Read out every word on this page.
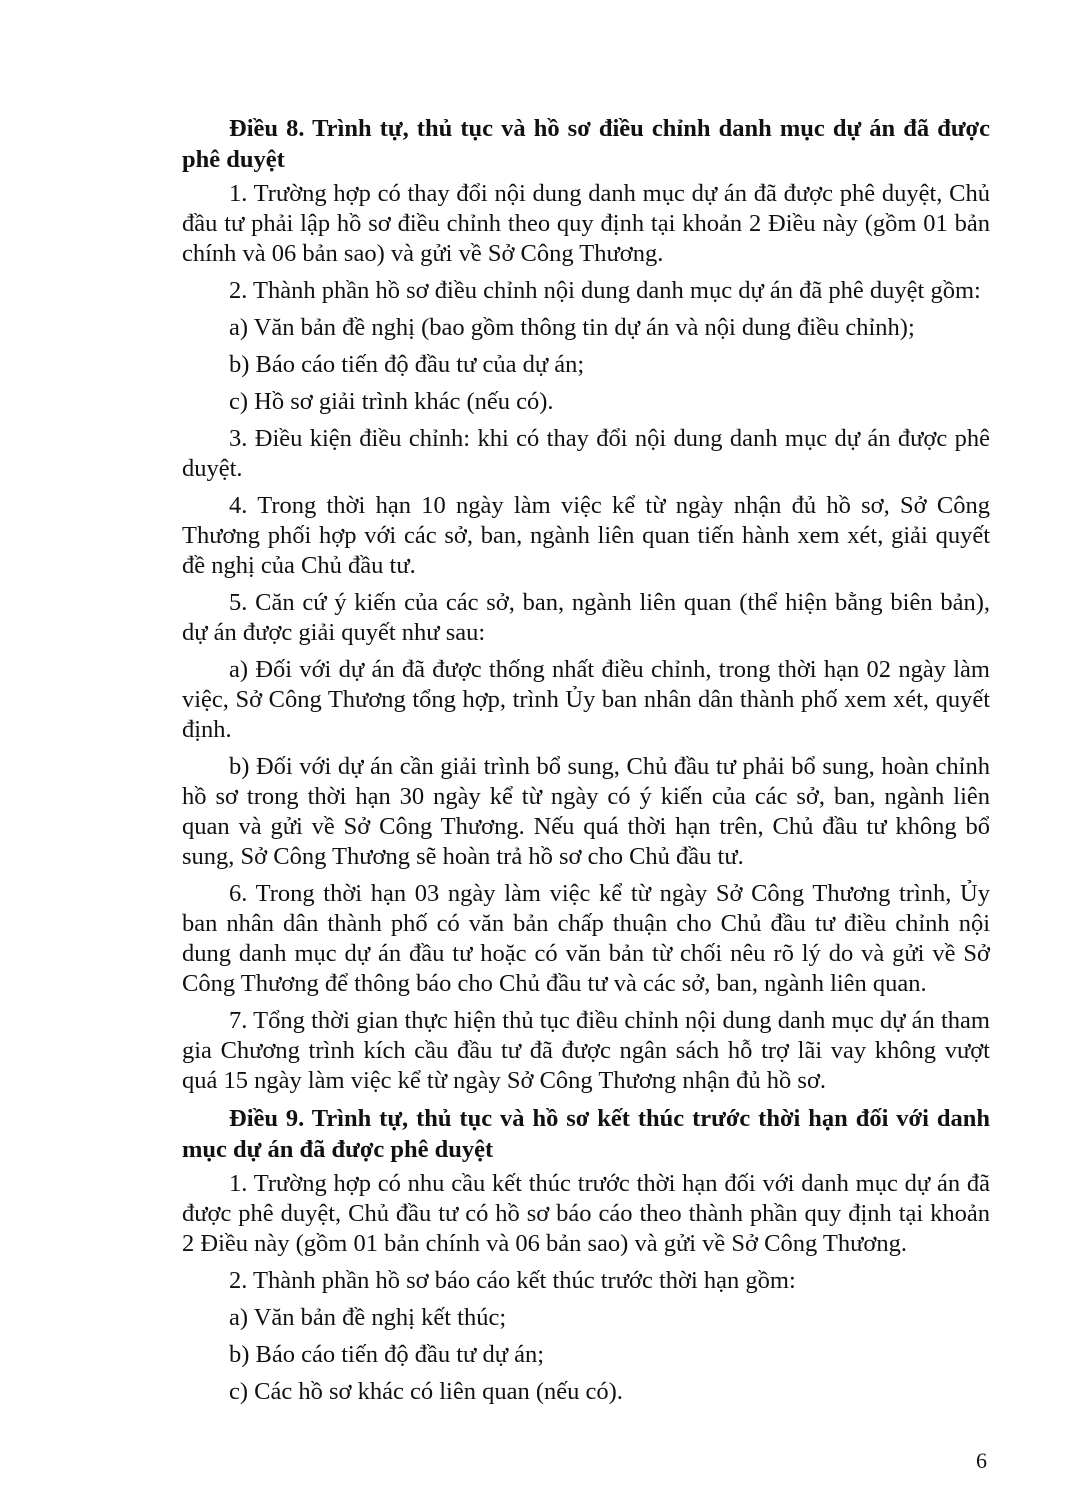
Điều 8. Trình tự, thủ tục và hồ sơ điều chỉnh danh mục dự án đã được phê duyệt

1. Trường hợp có thay đổi nội dung danh mục dự án đã được phê duyệt, Chủ đầu tư phải lập hồ sơ điều chỉnh theo quy định tại khoản 2 Điều này (gồm 01 bản chính và 06 bản sao) và gửi về Sở Công Thương.

2. Thành phần hồ sơ điều chỉnh nội dung danh mục dự án đã phê duyệt gồm:

a) Văn bản đề nghị (bao gồm thông tin dự án và nội dung điều chỉnh);

b) Báo cáo tiến độ đầu tư của dự án;

c) Hồ sơ giải trình khác (nếu có).

3. Điều kiện điều chỉnh: khi có thay đổi nội dung danh mục dự án được phê duyệt.

4. Trong thời hạn 10 ngày làm việc kể từ ngày nhận đủ hồ sơ, Sở Công Thương phối hợp với các sở, ban, ngành liên quan tiến hành xem xét, giải quyết đề nghị của Chủ đầu tư.

5. Căn cứ ý kiến của các sở, ban, ngành liên quan (thể hiện bằng biên bản), dự án được giải quyết như sau:

a) Đối với dự án đã được thống nhất điều chỉnh, trong thời hạn 02 ngày làm việc, Sở Công Thương tổng hợp, trình Ủy ban nhân dân thành phố xem xét, quyết định.

b) Đối với dự án cần giải trình bổ sung, Chủ đầu tư phải bổ sung, hoàn chỉnh hồ sơ trong thời hạn 30 ngày kể từ ngày có ý kiến của các sở, ban, ngành liên quan và gửi về Sở Công Thương. Nếu quá thời hạn trên, Chủ đầu tư không bổ sung, Sở Công Thương sẽ hoàn trả hồ sơ cho Chủ đầu tư.

6. Trong thời hạn 03 ngày làm việc kể từ ngày Sở Công Thương trình, Ủy ban nhân dân thành phố có văn bản chấp thuận cho Chủ đầu tư điều chỉnh nội dung danh mục dự án đầu tư hoặc có văn bản từ chối nêu rõ lý do và gửi về Sở Công Thương để thông báo cho Chủ đầu tư và các sở, ban, ngành liên quan.

7. Tổng thời gian thực hiện thủ tục điều chỉnh nội dung danh mục dự án tham gia Chương trình kích cầu đầu tư đã được ngân sách hỗ trợ lãi vay không vượt quá 15 ngày làm việc kể từ ngày Sở Công Thương nhận đủ hồ sơ.

Điều 9. Trình tự, thủ tục và hồ sơ kết thúc trước thời hạn đối với danh mục dự án đã được phê duyệt

1. Trường hợp có nhu cầu kết thúc trước thời hạn đối với danh mục dự án đã được phê duyệt, Chủ đầu tư có hồ sơ báo cáo theo thành phần quy định tại khoản 2 Điều này (gồm 01 bản chính và 06 bản sao) và gửi về Sở Công Thương.

2. Thành phần hồ sơ báo cáo kết thúc trước thời hạn gồm:

a) Văn bản đề nghị kết thúc;

b) Báo cáo tiến độ đầu tư dự án;

c) Các hồ sơ khác có liên quan (nếu có).

6
